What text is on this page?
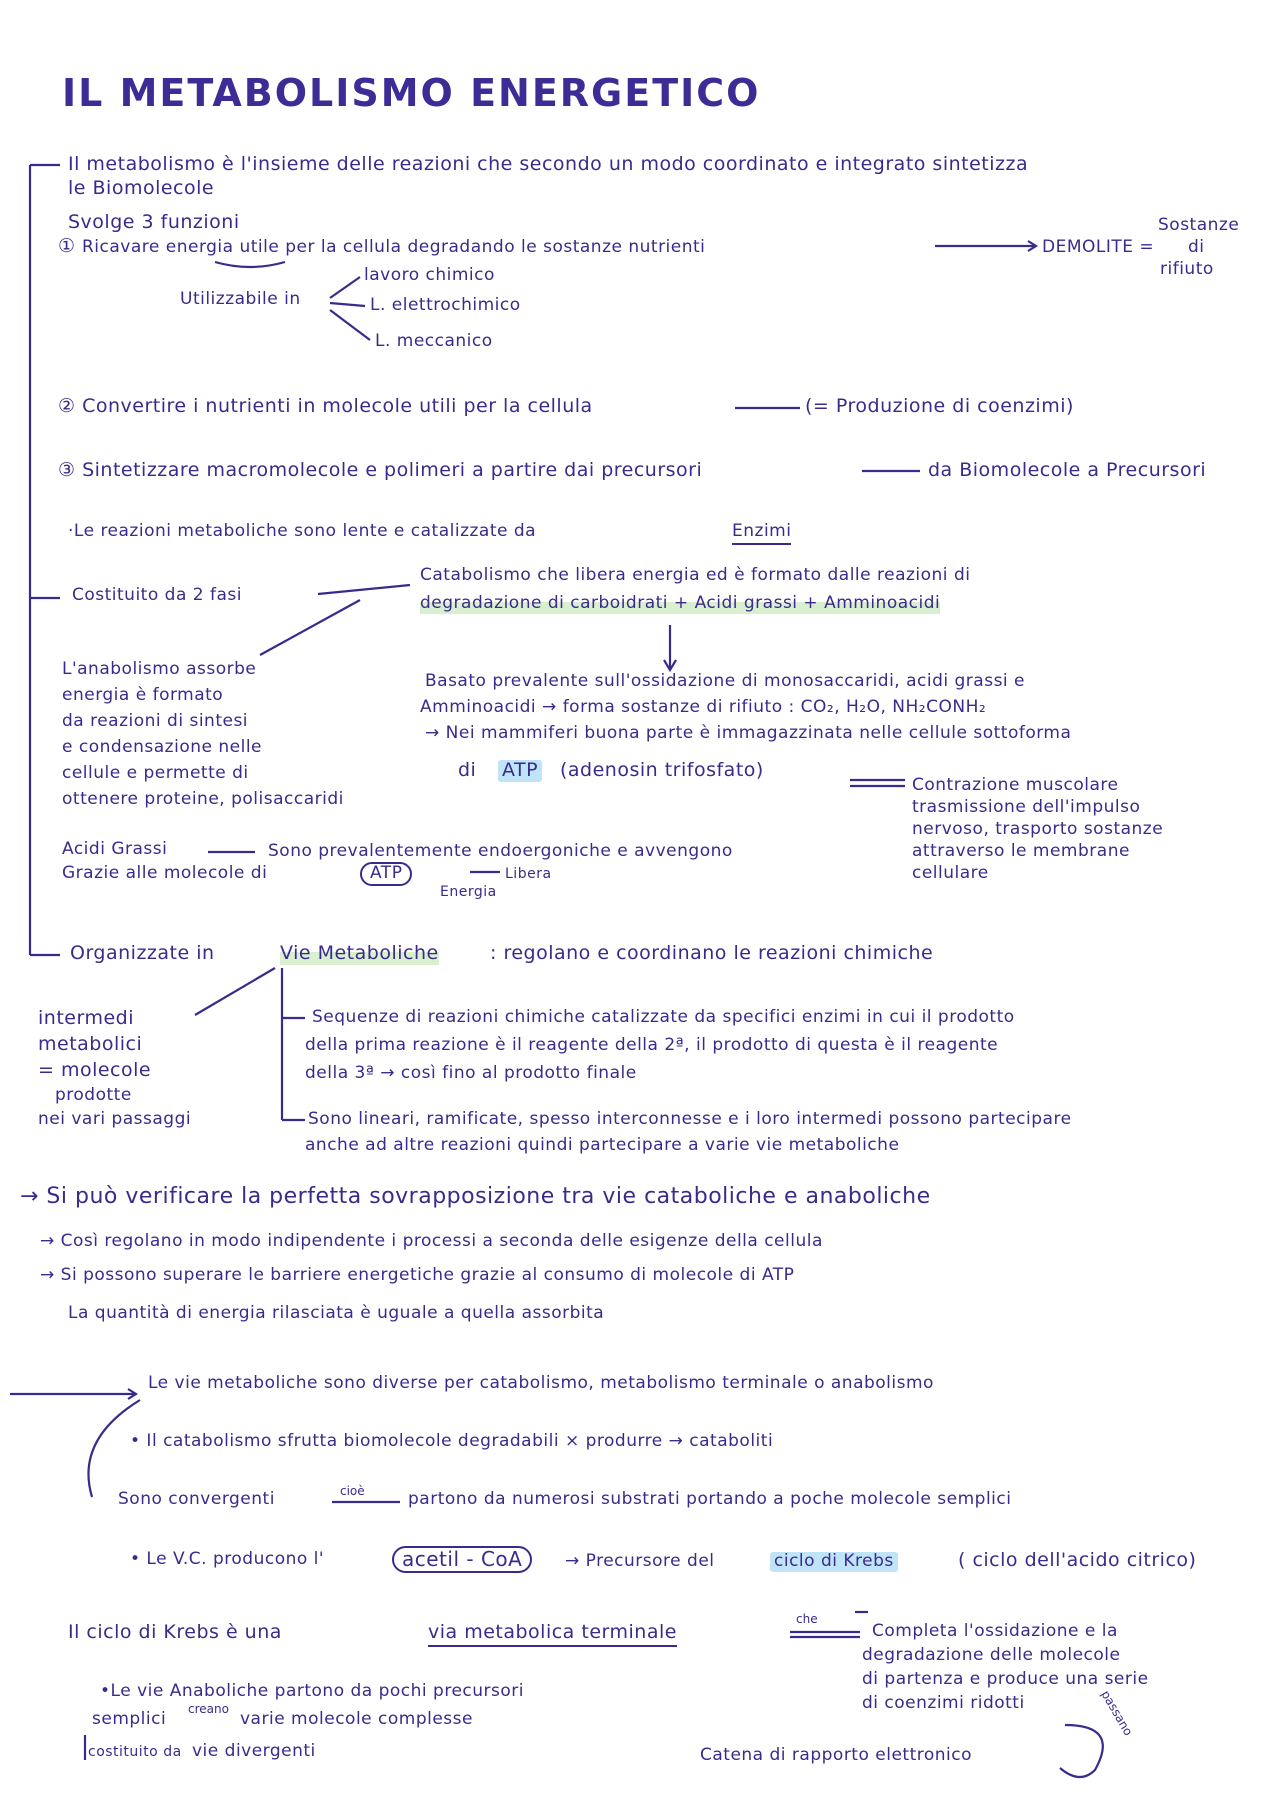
IL METABOLISMO ENERGETICO
Il metabolismo è l'insieme delle reazioni che secondo un modo coordinato e integrato sintetizza
le Biomolecole
Svolge 3 funzioni
① Ricavare energia utile per la cellula degradando le sostanze nutrienti	DEMOLITE =
Sostanze
di
rifiuto
Utilizzabile in
lavoro chimico
L. elettrochimico
L. meccanico
② Convertire i nutrienti in molecole utili per la cellula	(= Produzione di coenzimi)
③ Sintetizzare macromolecole e polimeri a partire dai precursori	da Biomolecole a Precursori
·Le reazioni metaboliche sono lente e catalizzate da	Enzimi
Costituito da 2 fasi
Catabolismo che libera energia ed è formato dalle reazioni di
degradazione di carboidrati + Acidi grassi + Amminoacidi
Basato prevalente sull'ossidazione di monosaccaridi, acidi grassi e
Amminoacidi → forma sostanze di rifiuto : CO₂, H₂O, NH₂CONH₂
→ Nei mammiferi buona parte è immagazzinata nelle cellule sottoforma
di ATP (adenosin trifosfato)
Contrazione muscolare
trasmissione dell'impulso
nervoso, trasporto sostanze
attraverso le membrane
cellulare
L'anabolismo assorbe
energia è formato
da reazioni di sintesi
e condensazione nelle
cellule e permette di
ottenere proteine, polisaccaridi
Acidi Grassi	Sono prevalentemente endoergoniche e avvengono
Grazie alle molecole di	ATP	Libera
Energia
Organizzate in	Vie Metaboliche	: regolano e coordinano le reazioni chimiche
intermedi
metabolici
= molecole
prodotte
nei vari passaggi
Sequenze di reazioni chimiche catalizzate da specifici enzimi in cui il prodotto
della prima reazione è il reagente della 2ª, il prodotto di questa è il reagente
della 3ª → così fino al prodotto finale
Sono lineari, ramificate, spesso interconnesse e i loro intermedi possono partecipare
anche ad altre reazioni quindi partecipare a varie vie metaboliche
→ Si può verificare la perfetta sovrapposizione tra vie cataboliche e anaboliche
→ Così regolano in modo indipendente i processi a seconda delle esigenze della cellula
→ Si possono superare le barriere energetiche grazie al consumo di molecole di ATP
La quantità di energia rilasciata è uguale a quella assorbita
Le vie metaboliche sono diverse per catabolismo, metabolismo terminale o anabolismo
• Il catabolismo sfrutta biomolecole degradabili × produrre → cataboliti
Sono convergenti	cioè	partono da numerosi substrati portando a poche molecole semplici
• Le V.C. producono l'	acetil - CoA	→ Precursore del	ciclo di Krebs	( ciclo dell'acido citrico)
Il ciclo di Krebs è una	via metabolica terminale
che
Completa l'ossidazione e la
degradazione delle molecole
di partenza e produce una serie
di coenzimi ridotti
Catena di rapporto elettronico
passano
•Le vie Anaboliche partono da pochi precursori
semplici creano varie molecole complesse
costituito da vie divergenti
